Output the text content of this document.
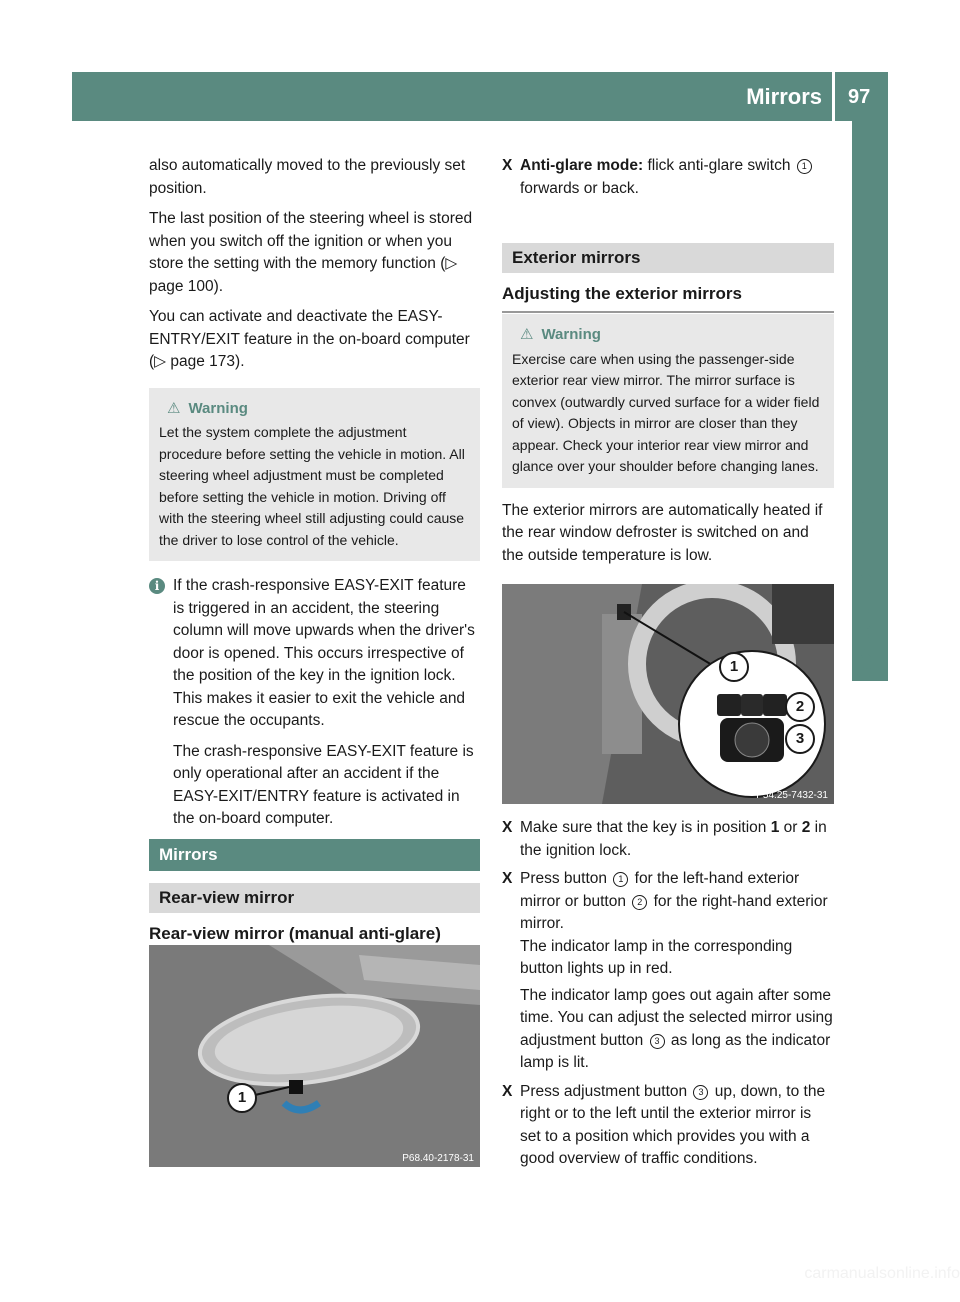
Mirrors 97
Seats, steering wheel and mirrors

also automatically moved to the previously set position.

The last position of the steering wheel is stored when you switch off the ignition or when you store the setting with the memory function (▷ page 100).

You can activate and deactivate the EASY-ENTRY/EXIT feature in the on-board computer (▷ page 173).

⚠ Warning
Let the system complete the adjustment procedure before setting the vehicle in motion. All steering wheel adjustment must be completed before setting the vehicle in motion. Driving off with the steering wheel still adjusting could cause the driver to lose control of the vehicle.
i If the crash-responsive EASY-EXIT feature is triggered in an accident, the steering column will move upwards when the driver's door is opened. This occurs irrespective of the position of the key in the ignition lock. This makes it easier to exit the vehicle and rescue the occupants.

The crash-responsive EASY-EXIT feature is only operational after an accident if the EASY-EXIT/ENTRY feature is activated in the on-board computer.

Mirrors
Rear-view mirror
Rear-view mirror (manual anti-glare)
1
P68.40-2178-31
X Anti-glare mode: flick anti-glare switch 1 forwards or back.
Exterior mirrors
Adjusting the exterior mirrors
⚠ Warning
Exercise care when using the passenger-side exterior rear view mirror. The mirror surface is convex (outwardly curved surface for a wider field of view). Objects in mirror are closer than they appear. Check your interior rear view mirror and glance over your shoulder before changing lanes.

The exterior mirrors are automatically heated if the rear window defroster is switched on and the outside temperature is low.

1
2
3
P54.25-7432-31
X Make sure that the key is in position 1 or 2 in the ignition lock.
X Press button 1 for the left-hand exterior mirror or button 2 for the right-hand exterior mirror.
The indicator lamp in the corresponding button lights up in red.
The indicator lamp goes out again after some time. You can adjust the selected mirror using adjustment button 3 as long as the indicator lamp is lit.
X Press adjustment button 3 up, down, to the right or to the left until the exterior mirror is set to a position which provides you with a good overview of traffic conditions.
carmanualsonline.info
